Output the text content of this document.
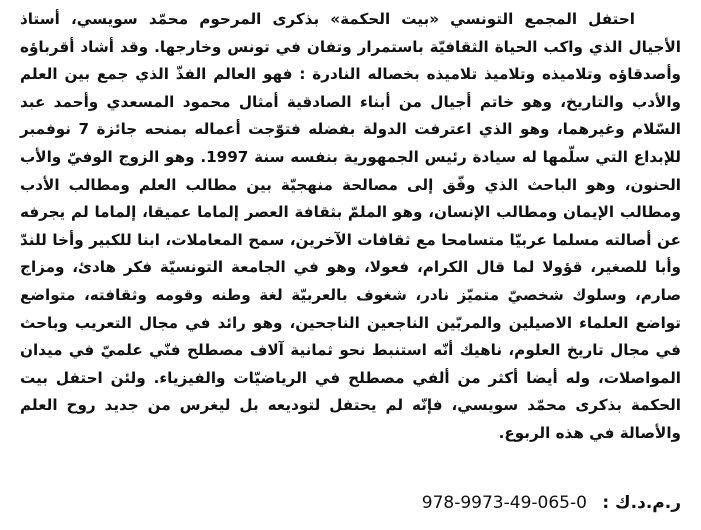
احتفل المجمع التونسي «بيت الحكمة» بذكرى المرحوم محمّد سويسي، أستاذ الأجيال الذي واكب الحياة الثقافيّة باستمرار وتفان في تونس وخارجها. وقد أشاد أقرباؤه وأصدقاؤه وتلاميذه وتلاميذ تلاميذه بخصاله النادرة : فهو العالم الفذّ الذي جمع بين العلم والأدب والتاريخ، وهو خاتم أجيال من أبناء الصادقية أمثال محمود المسعدي وأحمد عبد السّلام وغيرهما، وهو الذي اعترفت الدولة بفضله فتوّجت أعماله بمنحه جائزة 7 نوفمبر للإبداع التي سلّمها له سيادة رئيس الجمهورية بنفسه سنة 1997. وهو الزوج الوفيّ والأب الحنون، وهو الباحث الذي وفّق إلى مصالحة منهجيّة بين مطالب العلم ومطالب الأدب ومطالب الإيمان ومطالب الإنسان، وهو الملمّ بثقافة العصر إلماما عميقا، إلماما لم يجرفه عن أصالته مسلما عربيّا متسامحا مع ثقافات الآخرين، سمح المعاملات، ابنا للكبير وأخا للندّ وأبا للصغير، قؤولا لما قال الكرام، فعولا، وهو في الجامعة التونسيّة فكر هادئ، ومزاج صارم، وسلوك شخصيّ متميّز نادر، شغوف بالعربيّة لغة وطنه وقومه وثقافته، متواضع تواضع العلماء الاصيلين والمربّين الناجعين الناجحين، وهو رائد في مجال التعريب وباحث في مجال تاريخ العلوم، ناهيك أنّه استنبط نحو ثمانية آلاف مصطلح فنّي علميّ في ميدان المواصلات، وله أيضا أكثر من ألفي مصطلح في الرياضيّات والفيزياء. ولئن احتفل بيت الحكمة بذكرى محمّد سويسي، فإنّه لم يحتفل لتوديعه بل ليغرس من جديد روح العلم والأصالة في هذه الربوع.

ر.م.د.ك : 978-9973-49-065-0
